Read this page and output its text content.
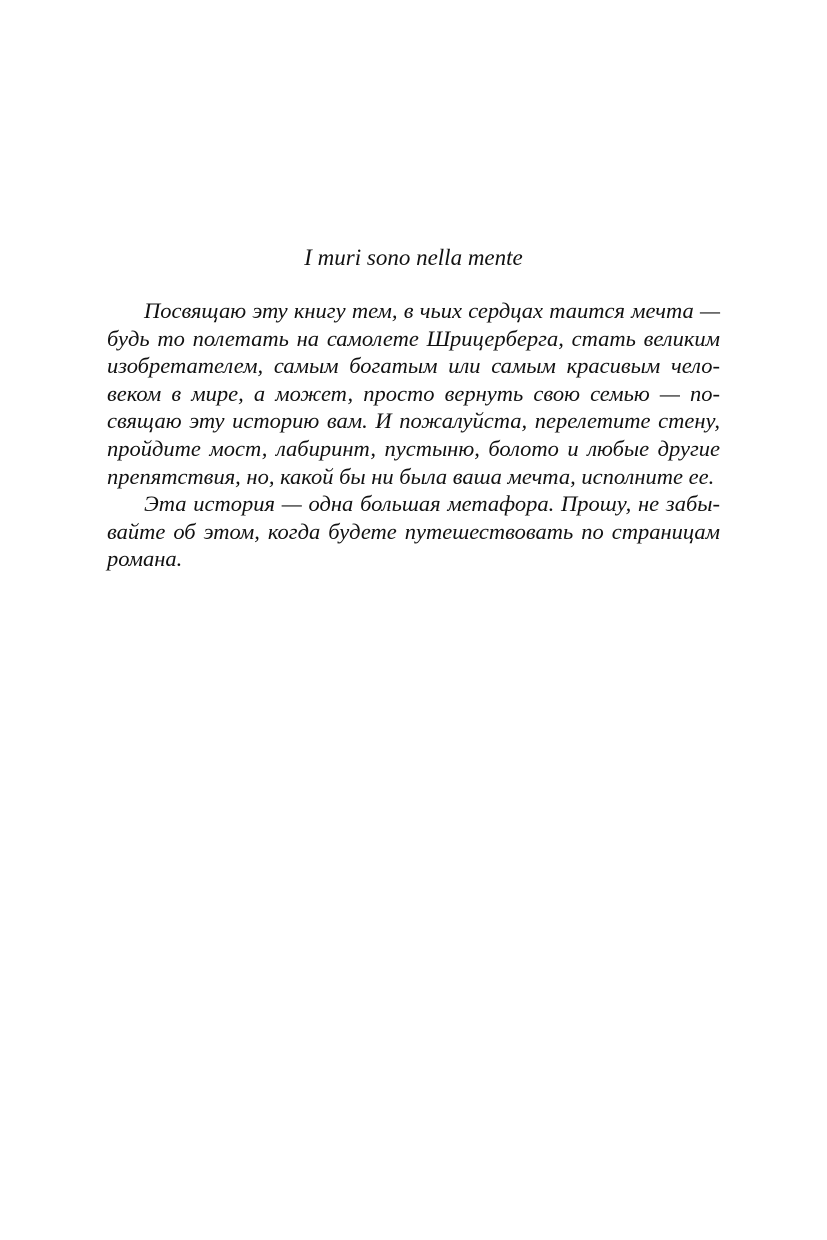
I muri sono nella mente

Посвящаю эту книгу тем, в чьих сердцах таится мечта —
будь то полетать на самолете Шрицерберга, стать великим
изобретателем, самым богатым или самым красивым чело-
веком в мире, а может, просто вернуть свою семью — по-
свящаю эту историю вам. И пожалуйста, перелетите стену,
пройдите мост, лабиринт, пустыню, болото и любые другие
препятствия, но, какой бы ни была ваша мечта, исполните ее.
Эта история — одна большая метафора. Прошу, не забы-
вайте об этом, когда будете путешествовать по страницам
романа.
